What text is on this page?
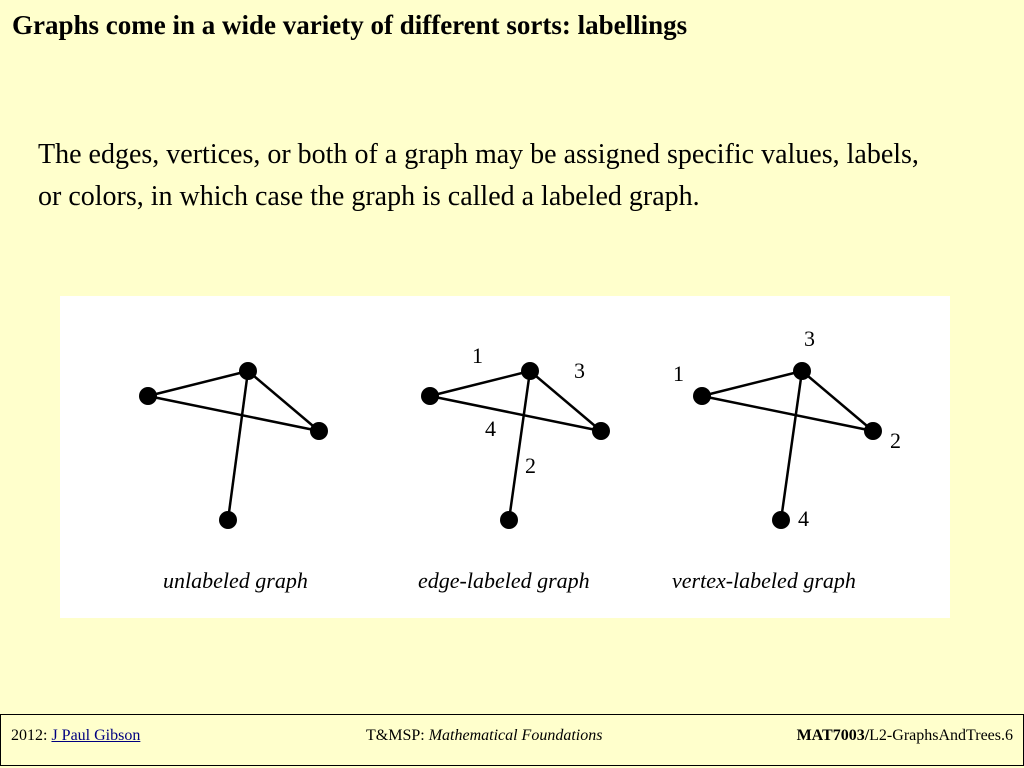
Graphs come in a wide variety of different sorts: labellings
The edges, vertices, or both of a graph may be assigned specific values, labels, or colors, in which case the graph is called a labeled graph.
unlabeled graph
1
3
4
2
edge-labeled graph
1
3
2
4
vertex-labeled graph
2012: J Paul Gibson	T&MSP: Mathematical Foundations	MAT7003/L2-GraphsAndTrees.6
